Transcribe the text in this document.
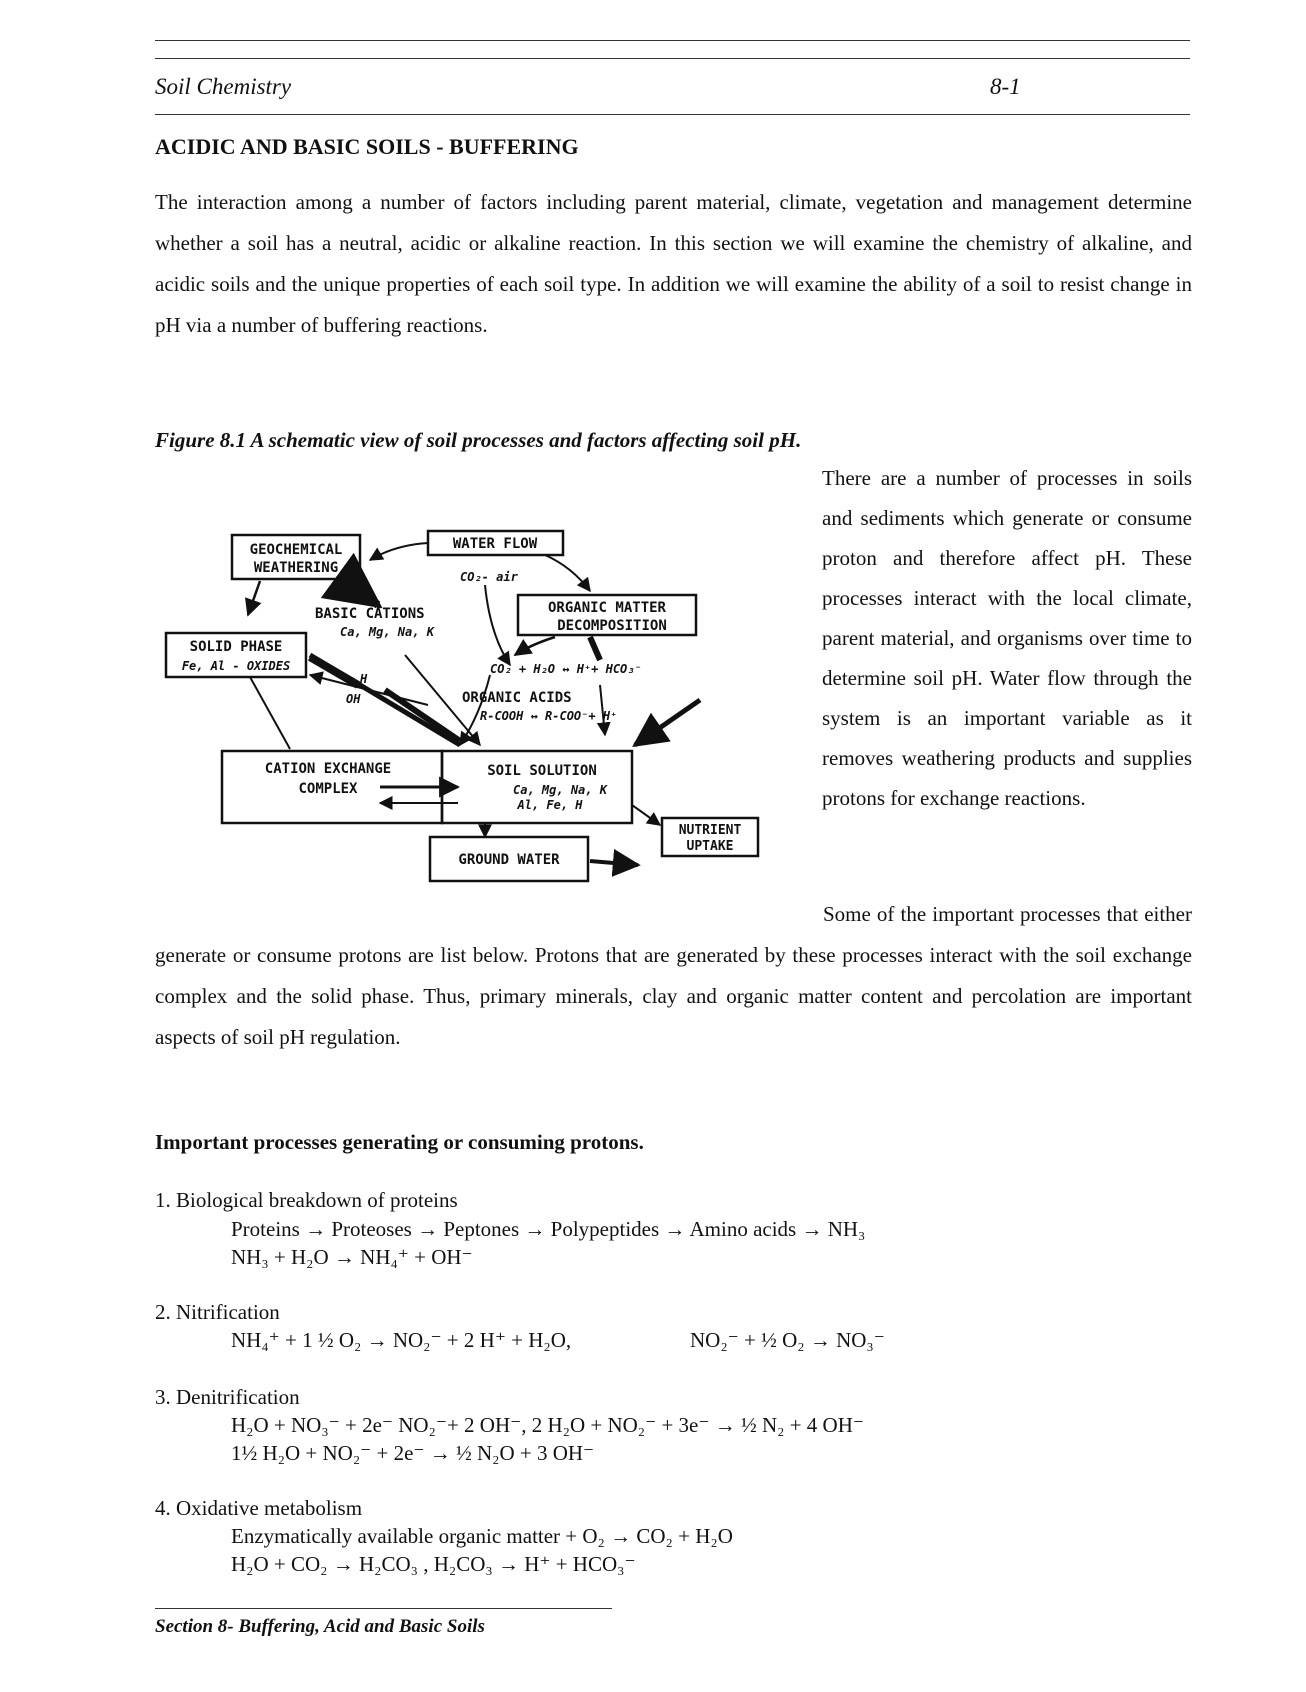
Soil Chemistry	8-1
ACIDIC AND BASIC SOILS - BUFFERING
The interaction among a number of factors including parent material, climate, vegetation and management determine whether a soil has a neutral, acidic or alkaline reaction. In this section we will examine the chemistry of alkaline, and acidic soils and the unique properties of each soil type. In addition we will examine the ability of a soil to resist change in pH via a number of buffering reactions.
Figure 8.1 A schematic view of soil processes and factors affecting soil pH.
GEOCHEMICAL
WEATHERING
WATER FLOW
CO₂- air
ORGANIC MATTER
DECOMPOSITION
BASIC CATIONS
Ca, Mg, Na, K
SOLID PHASE
Fe, Al - OXIDES	CO₂ + H₂O ↔ H⁺+ HCO₃⁻
H
OH	ORGANIC ACIDS
R-COOH ↔ R-COO⁻+ H⁺
CATION EXCHANGE
COMPLEX
SOIL SOLUTION
Ca, Mg, Na, K
Al, Fe, H
NUTRIENT
UPTAKE
GROUND WATER
There are a number of processes in soils and sediments which generate or consume proton and therefore affect pH. These processes interact with the local climate, parent material, and organisms over time to determine soil pH. Water flow through the system is an important variable as it removes weathering products and supplies protons for exchange reactions.
Some of the important processes that either generate or consume protons are list below. Protons that are generated by these processes interact with the soil exchange complex and the solid phase. Thus, primary minerals, clay and organic matter content and percolation are important aspects of soil pH regulation.
Important processes generating or consuming protons.
1. Biological breakdown of proteins
Proteins → Proteoses → Peptones → Polypeptides → Amino acids → NH₃
NH₃ + H₂O → NH₄⁺ + OH⁻
2. Nitrification
NH₄⁺ + 1 ½ O₂ → NO₂⁻ + 2 H⁺ + H₂O,	NO₂⁻ + ½ O₂ → NO₃⁻
3. Denitrification
H₂O + NO₃⁻ + 2e⁻ NO₂⁻+ 2 OH⁻, 2 H₂O + NO₂⁻ + 3e⁻ → ½ N₂ + 4 OH⁻
1½ H₂O + NO₂⁻ + 2e⁻ → ½ N₂O + 3 OH⁻
4. Oxidative metabolism
Enzymatically available organic matter + O₂ → CO₂ + H₂O
H₂O + CO₂ → H₂CO₃ , H₂CO₃ → H⁺ + HCO₃⁻
Section 8- Buffering, Acid and Basic Soils
